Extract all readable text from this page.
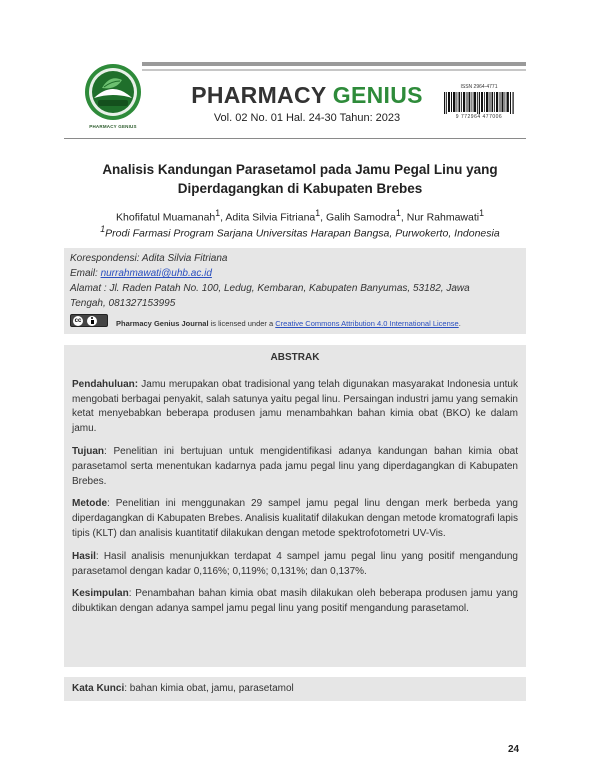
PHARMACY GENIUS
PHARMACY GENIUS
Vol. 02 No. 01 Hal. 24-30 Tahun: 2023
ISSN 2964-4771
9 772964 477006
Analisis Kandungan Parasetamol pada Jamu Pegal Linu yang
Diperdagangkan di Kabupaten Brebes
Khofifatul Muamanah$^1$, Adita Silvia Fitriana$^1$, Galih Samodra$^1$, Nur Rahmawati$^1$
$^1$Prodi Farmasi Program Sarjana Universitas Harapan Bangsa, Purwokerto, Indonesia
Korespondensi: Adita Silvia Fitriana
Email: nurrahmawati@uhb.ac.id
Alamat : Jl. Raden Patah No. 100, Ledug, Kembaran, Kabupaten Banyumas, 53182, Jawa
Tengah, 081327153995
cc	Pharmacy Genius Journal is licensed under a Creative Commons Attribution 4.0 International License.
ABSTRAK

Pendahuluan: Jamu merupakan obat tradisional yang telah digunakan masyarakat Indonesia untuk mengobati berbagai penyakit, salah satunya yaitu pegal linu. Persaingan industri jamu yang semakin ketat menyebabkan beberapa produsen jamu menambahkan bahan kimia obat (BKO) ke dalam jamu.

Tujuan: Penelitian ini bertujuan untuk mengidentifikasi adanya kandungan bahan kimia obat parasetamol serta menentukan kadarnya pada jamu pegal linu yang diperdagangkan di Kabupaten Brebes.

Metode: Penelitian ini menggunakan 29 sampel jamu pegal linu dengan merk berbeda yang diperdagangkan di Kabupaten Brebes. Analisis kualitatif dilakukan dengan metode kromatografi lapis tipis (KLT) dan analisis kuantitatif dilakukan dengan metode spektrofotometri UV-Vis.

Hasil: Hasil analisis menunjukkan terdapat 4 sampel jamu pegal linu yang positif mengandung parasetamol dengan kadar 0,116%; 0,119%; 0,131%; dan 0,137%.

Kesimpulan: Penambahan bahan kimia obat masih dilakukan oleh beberapa produsen jamu yang dibuktikan dengan adanya sampel jamu pegal linu yang positif mengandung parasetamol.

Kata Kunci: bahan kimia obat, jamu, parasetamol
24
